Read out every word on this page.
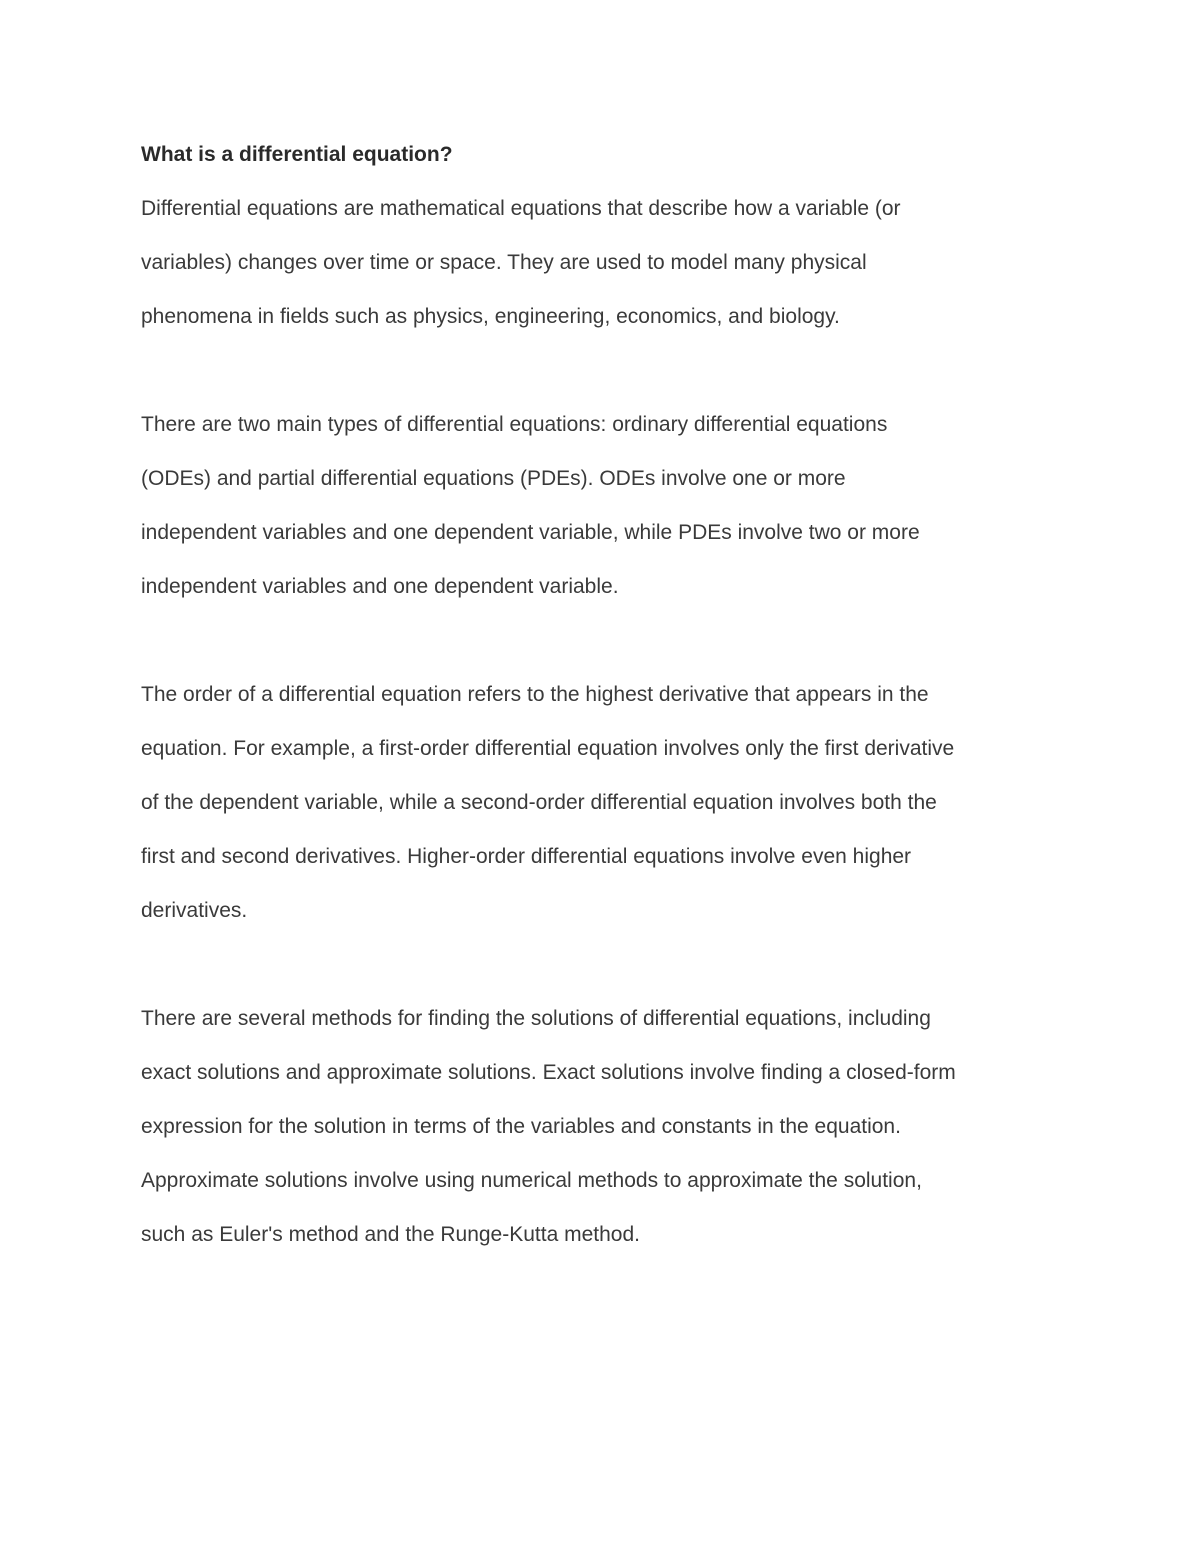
What is a differential equation?

Differential equations are mathematical equations that describe how a variable (or
variables) changes over time or space. They are used to model many physical
phenomena in fields such as physics, engineering, economics, and biology.

There are two main types of differential equations: ordinary differential equations
(ODEs) and partial differential equations (PDEs). ODEs involve one or more
independent variables and one dependent variable, while PDEs involve two or more
independent variables and one dependent variable.

The order of a differential equation refers to the highest derivative that appears in the
equation. For example, a first-order differential equation involves only the first derivative
of the dependent variable, while a second-order differential equation involves both the
first and second derivatives. Higher-order differential equations involve even higher
derivatives.

There are several methods for finding the solutions of differential equations, including
exact solutions and approximate solutions. Exact solutions involve finding a closed-form
expression for the solution in terms of the variables and constants in the equation.
Approximate solutions involve using numerical methods to approximate the solution,
such as Euler's method and the Runge-Kutta method.
